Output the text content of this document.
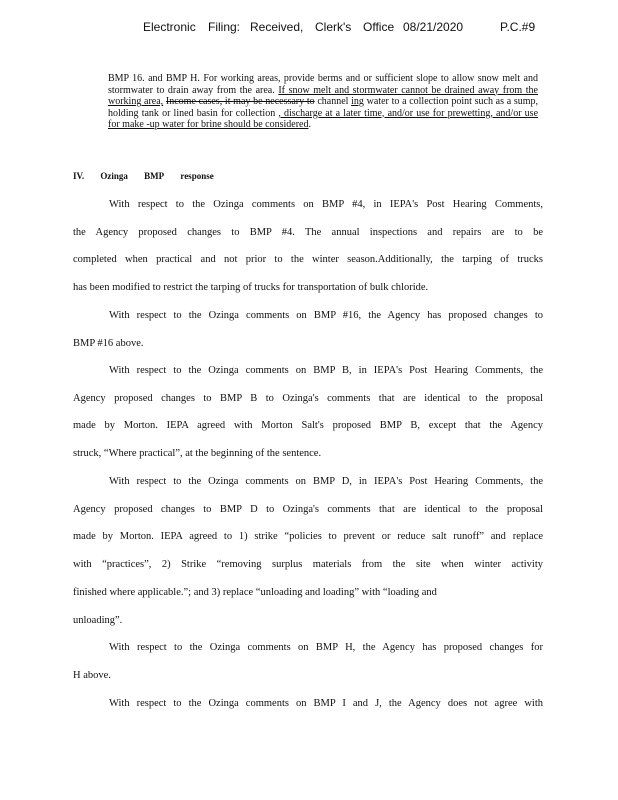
Electronic Filing: Received, Clerk's Office 08/21/2020	P.C.#9
BMP 16. and BMP H. For working areas, provide berms and or sufficient slope to allow snow melt and stormwater to drain away from the area. If snow melt and stormwater cannot be drained away from the working area, Income cases, it may be necessary to channel ing water to a collection point such as a sump, holding tank or lined basin for collection , discharge at a later time, and/or use for prewetting, and/or use for make -up water for brine should be considered.
IV. Ozinga BMP response
With respect to the Ozinga comments on BMP #4, in IEPA's Post Hearing Comments,
the Agency proposed changes to BMP #4. The annual inspections and repairs are to be
completed when practical and not prior to the winter season.Additionally, the tarping of trucks
has been modified to restrict the tarping of trucks for transportation of bulk chloride.
With respect to the Ozinga comments on BMP #16, the Agency has proposed changes to
BMP #16 above.
With respect to the Ozinga comments on BMP B, in IEPA's Post Hearing Comments, the
Agency proposed changes to BMP B to Ozinga's comments that are identical to the proposal
made by Morton. IEPA agreed with Morton Salt's proposed BMP B, except that the Agency
struck, “Where practical”, at the beginning of the sentence.
With respect to the Ozinga comments on BMP D, in IEPA's Post Hearing Comments, the
Agency proposed changes to BMP D to Ozinga's comments that are identical to the proposal
made by Morton. IEPA agreed to 1) strike “policies to prevent or reduce salt runoff” and replace
with “practices”, 2) Strike “removing surplus materials from the site when winter activity
finished where applicable.”; and 3) replace “unloading and loading” with “loading and
unloading”.
With respect to the Ozinga comments on BMP H, the Agency has proposed changes for
H above.
With respect to the Ozinga comments on BMP I and J, the Agency does not agree with
